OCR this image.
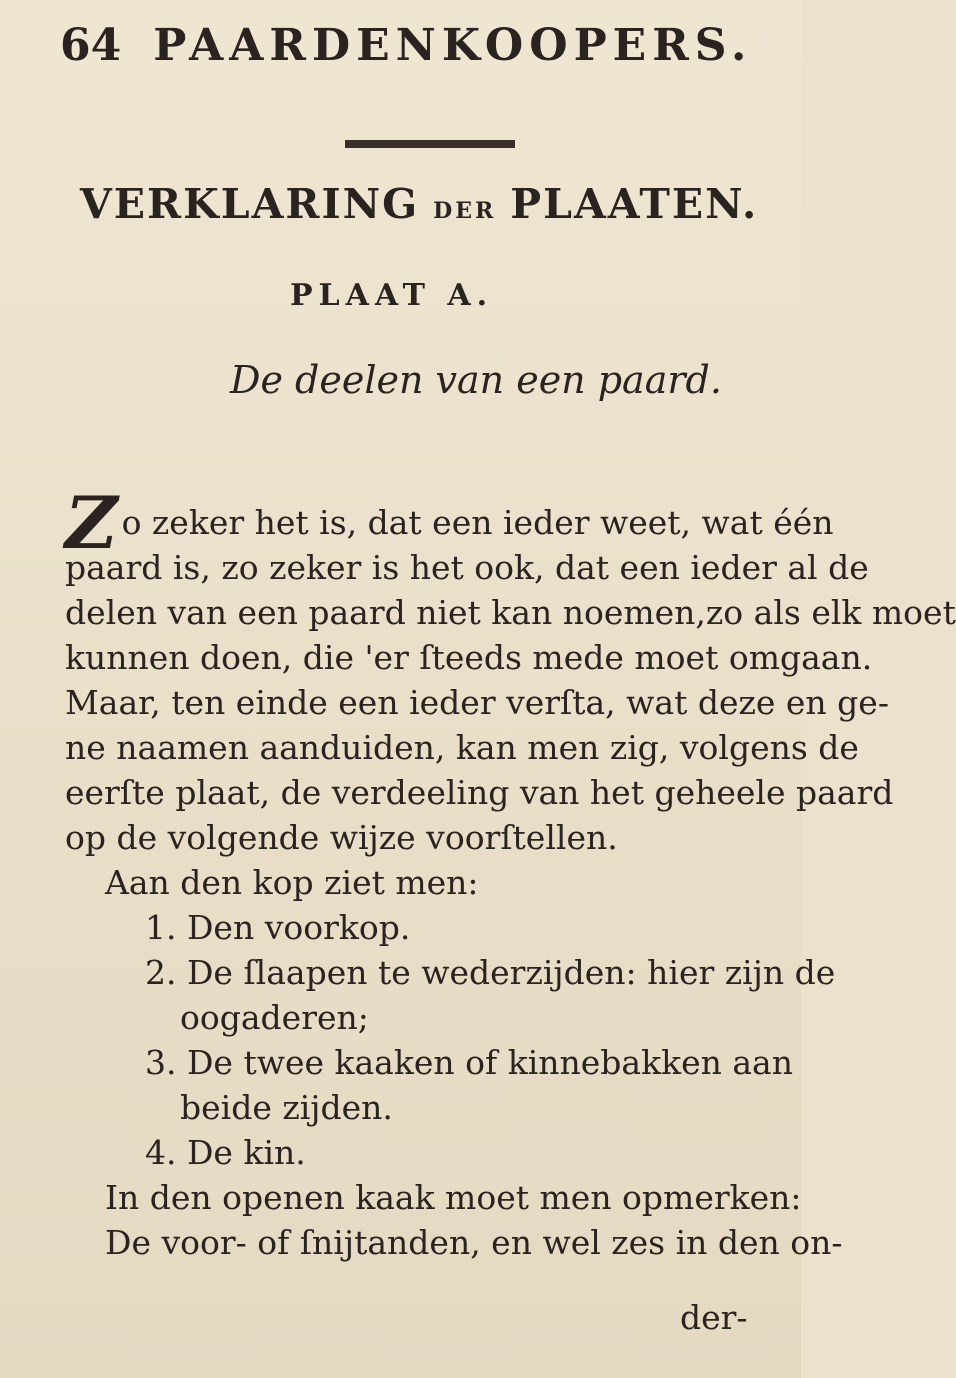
64 PAARDENKOOPERS.
VERKLARING DER PLAATEN.
PLAAT A.
De deelen van een paard.
Zo zeker het is, dat een ieder weet, wat één
paard is, zo zeker is het ook, dat een ieder al de
delen van een paard niet kan noemen,zo als elk moet
kunnen doen, die 'er ſteeds mede moet omgaan.
Maar, ten einde een ieder verſta, wat deze en ge-
ne naamen aanduiden, kan men zig, volgens de
eerſte plaat, de verdeeling van het geheele paard
op de volgende wijze voorſtellen.
Aan den kop ziet men:
1. Den voorkop.
2. De ſlaapen te wederzijden: hier zijn de
oogaderen;
3. De twee kaaken of kinnebakken aan
beide zijden.
4. De kin.
In den openen kaak moet men opmerken:
De voor- of ſnijtanden, en wel zes in den on-
der-
